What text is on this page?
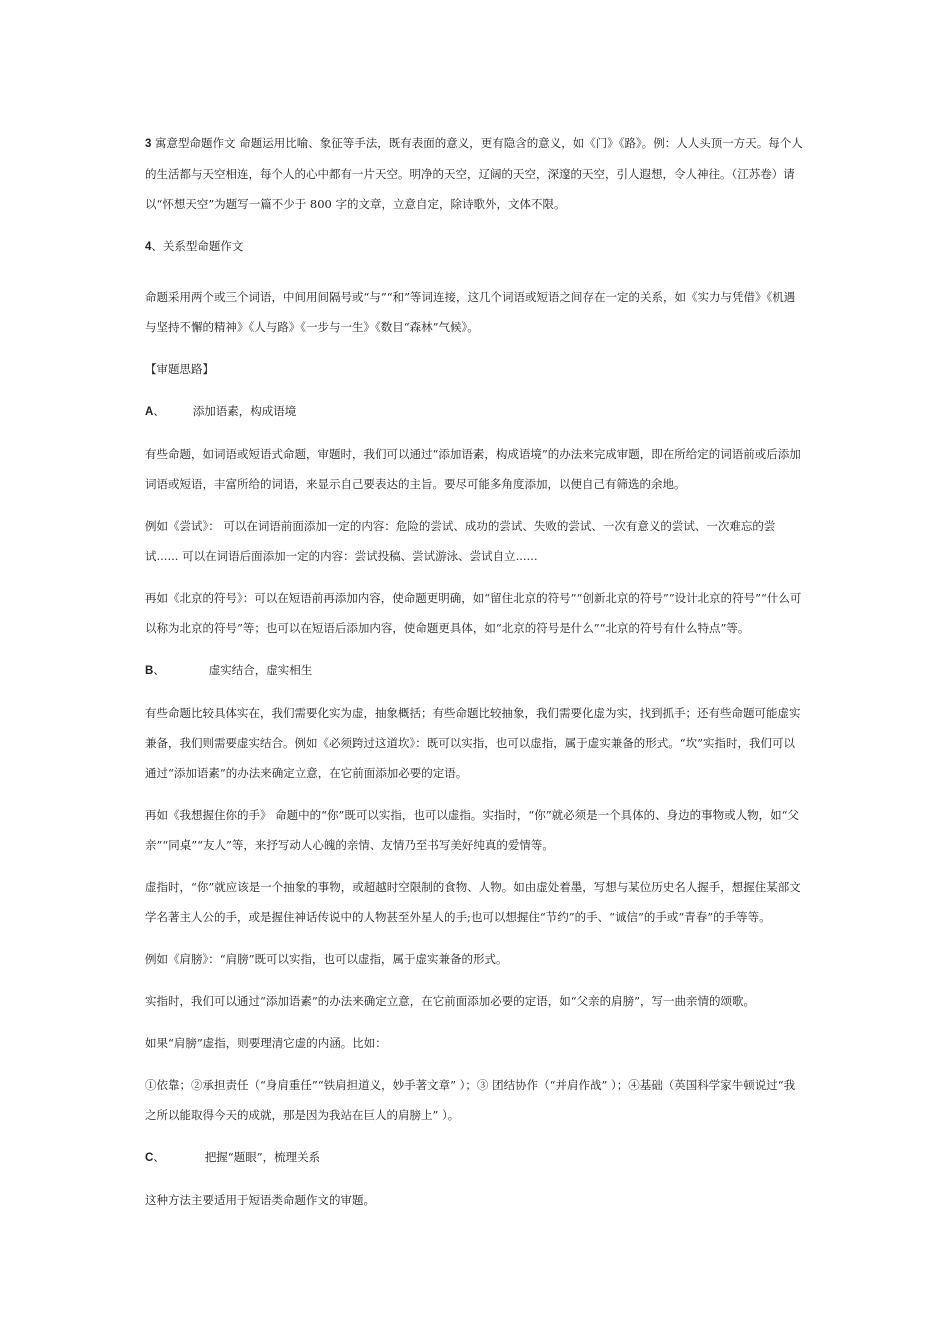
3 寓意型命题作文 命题运用比喻、象征等手法，既有表面的意义，更有隐含的意义，如《门》《路》。例：人人头顶一方天。每个人的生活都与天空相连，每个人的心中都有一片天空。明净的天空，辽阔的天空，深邃的天空，引人遐想，令人神往。（江苏卷）请以“怀想天空”为题写一篇不少于 800 字的文章，立意自定，除诗歌外，文体不限。

4、关系型命题作文

命题采用两个或三个词语，中间用间隔号或“与”“和”等词连接，这几个词语或短语之间存在一定的关系，如《实力与凭借》《机遇与坚持不懈的精神》《人与路》《一步与一生》《数目“森林”气候》。

【审题思路】

A、 添加语素，构成语境

有些命题，如词语或短语式命题，审题时，我们可以通过“添加语素，构成语境”的办法来完成审题，即在所给定的词语前或后添加词语或短语，丰富所给的词语，来显示自己要表达的主旨。要尽可能多角度添加，以便自己有筛选的余地。

例如《尝试》： 可以在词语前面添加一定的内容：危险的尝试、成功的尝试、失败的尝试、一次有意义的尝试、一次难忘的尝试...... 可以在词语后面添加一定的内容：尝试投稿、尝试游泳、尝试自立......

再如《北京的符号》：可以在短语前再添加内容，使命题更明确，如“留住北京的符号”“创新北京的符号”“设计北京的符号”“什么可以称为北京的符号”等；也可以在短语后添加内容，使命题更具体，如“北京的符号是什么”“北京的符号有什么特点”等。

B、	虚实结合，虚实相生

有些命题比较具体实在，我们需要化实为虚，抽象概括；有些命题比较抽象，我们需要化虚为实，找到抓手；还有些命题可能虚实兼备，我们则需要虚实结合。例如《必须跨过这道坎》：既可以实指，也可以虚指，属于虚实兼备的形式。“坎”实指时，我们可以通过“添加语素”的办法来确定立意，在它前面添加必要的定语。

再如《我想握住你的手》 命题中的“你”既可以实指，也可以虚指。实指时，“你”就必须是一个具体的、身边的事物或人物，如“父亲”“同桌”“友人”等，来抒写动人心魄的亲情、友情乃至书写美好纯真的爱情等。

虚指时，“你”就应该是一个抽象的事物，或超越时空限制的食物、人物。如由虚处着墨，写想与某位历史名人握手，想握住某部文学名著主人公的手，或是握住神话传说中的人物甚至外星人的手;也可以想握住“节约”的手、“诚信”的手或“青春”的手等等。

例如《肩膀》：“肩膀”既可以实指，也可以虚指，属于虚实兼备的形式。

实指时，我们可以通过“添加语素”的办法来确定立意，在它前面添加必要的定语，如“父亲的肩膀”，写一曲亲情的颂歌。

如果“肩膀”虚指，则要理清它虚的内涵。比如：

①依靠；②承担责任（“身肩重任”“铁肩担道义，妙手著文章” ）；③ 团结协作（“并肩作战” ）；④基础（英国科学家牛顿说过“我之所以能取得今天的成就，那是因为我站在巨人的肩膀上” ）。

C、	把握“题眼”，梳理关系

这种方法主要适用于短语类命题作文的审题。
